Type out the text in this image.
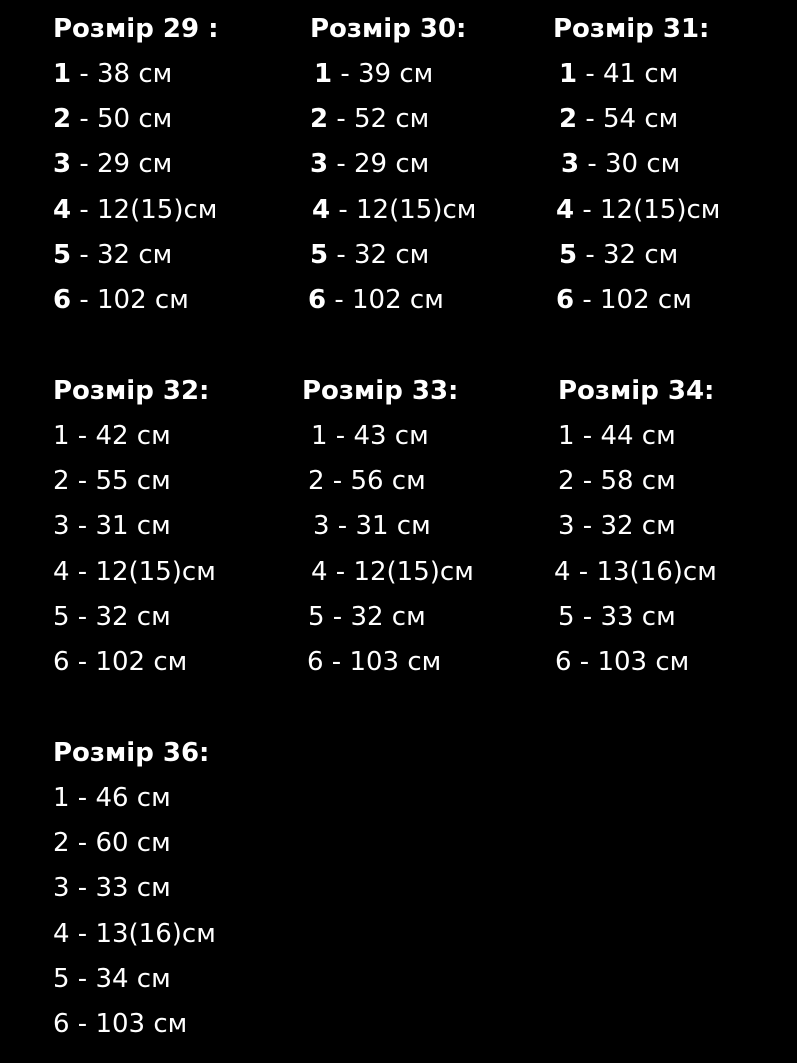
Розмір 29 :
1 - 38 см
2 - 50 см
3 - 29 см
4 - 12(15)см
5 - 32 см
6 - 102 см
Розмір 30:
1 - 39 см
2 - 52 см
3 - 29 см
4 - 12(15)см
5 - 32 см
6 - 102 см
Розмір 31:
1 - 41 см
2 - 54 см
3 - 30 см
4 - 12(15)см
5 - 32 см
6 - 102 см
Розмір 32:
1 - 42 см
2 - 55 см
3 - 31 см
4 - 12(15)см
5 - 32 см
6 - 102 см
Розмір 33:
1 - 43 см
2 - 56 см
3 - 31 см
4 - 12(15)см
5 - 32 см
6 - 103 см
Розмір 34:
1 - 44 см
2 - 58 см
3 - 32 см
4 - 13(16)см
5 - 33 см
6 - 103 см
Розмір 36:
1 - 46 см
2 - 60 см
3 - 33 см
4 - 13(16)см
5 - 34 см
6 - 103 см
